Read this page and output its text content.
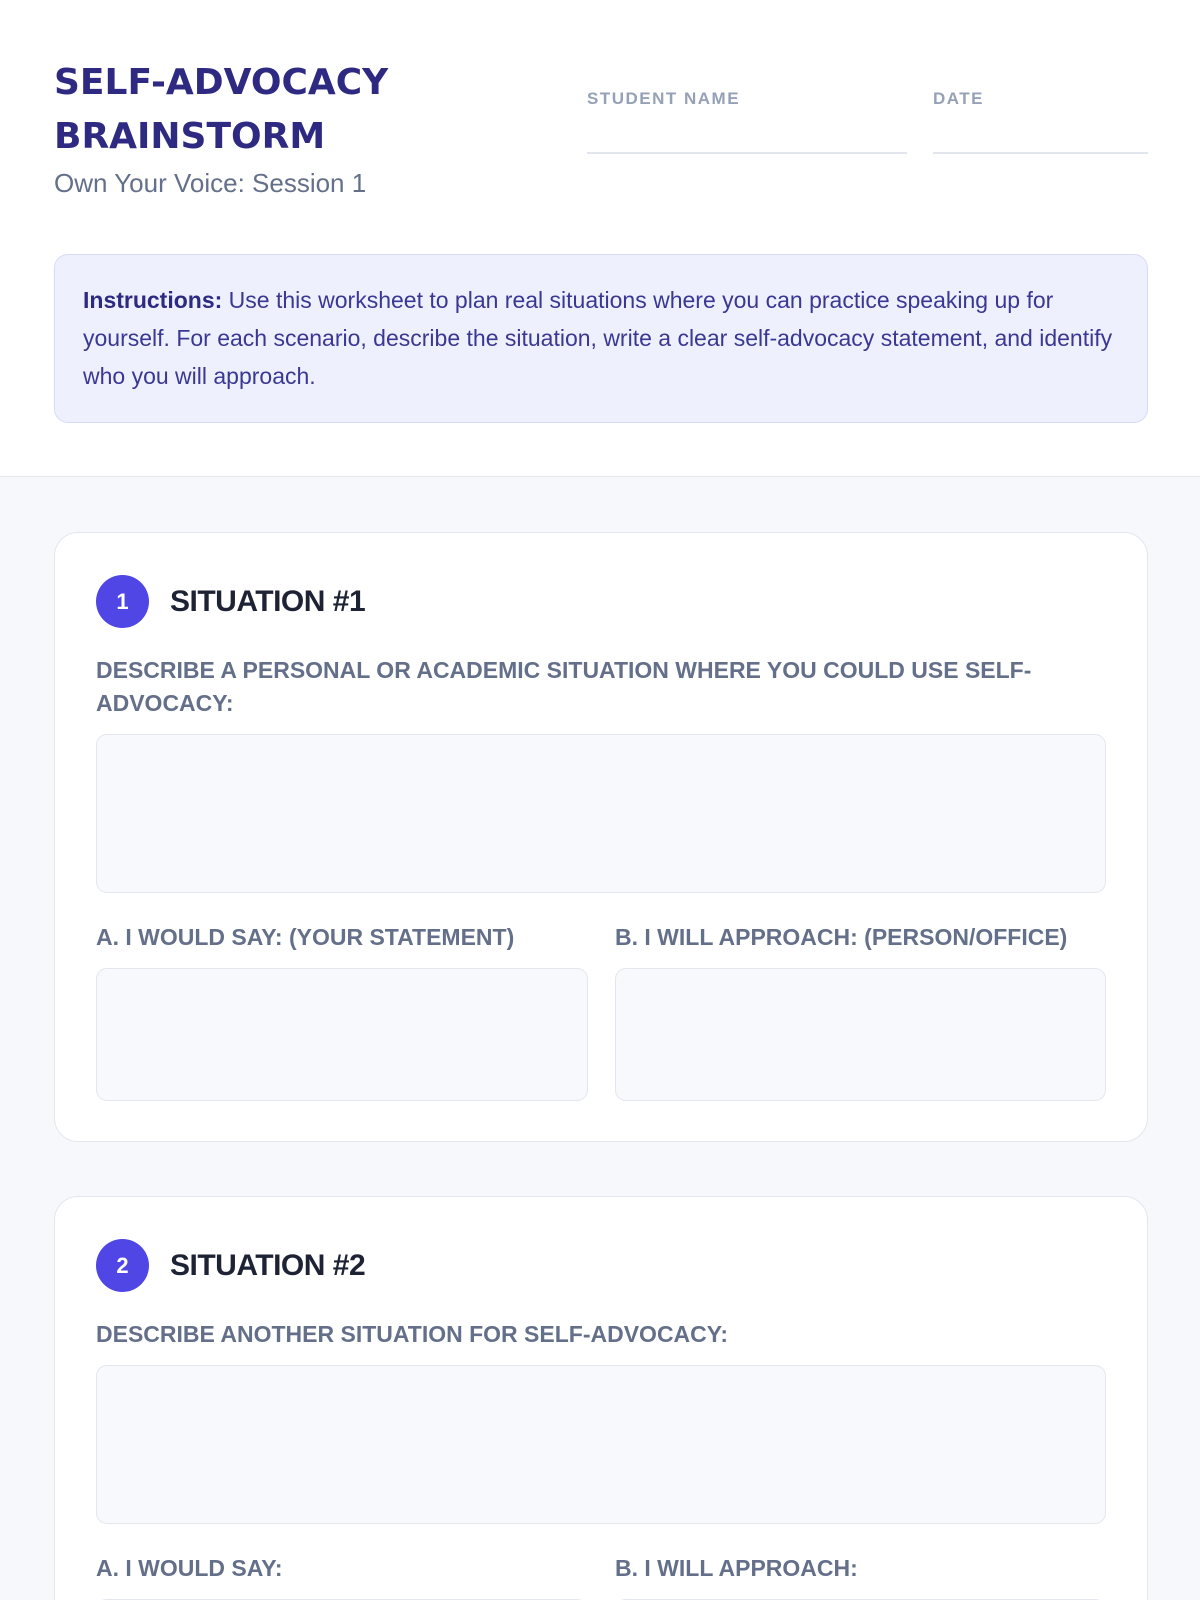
SELF-ADVOCACY
BRAINSTORM
Own Your Voice: Session 1
STUDENT NAME	DATE
Instructions: Use this worksheet to plan real situations where you can practice speaking up for yourself. For each scenario, describe the situation, write a clear self-advocacy statement, and identify who you will approach.
1	SITUATION #1
DESCRIBE A PERSONAL OR ACADEMIC SITUATION WHERE YOU COULD USE SELF-ADVOCACY:
A. I WOULD SAY: (YOUR STATEMENT)	B. I WILL APPROACH: (PERSON/OFFICE)
2	SITUATION #2
DESCRIBE ANOTHER SITUATION FOR SELF-ADVOCACY:
A. I WOULD SAY:	B. I WILL APPROACH:
